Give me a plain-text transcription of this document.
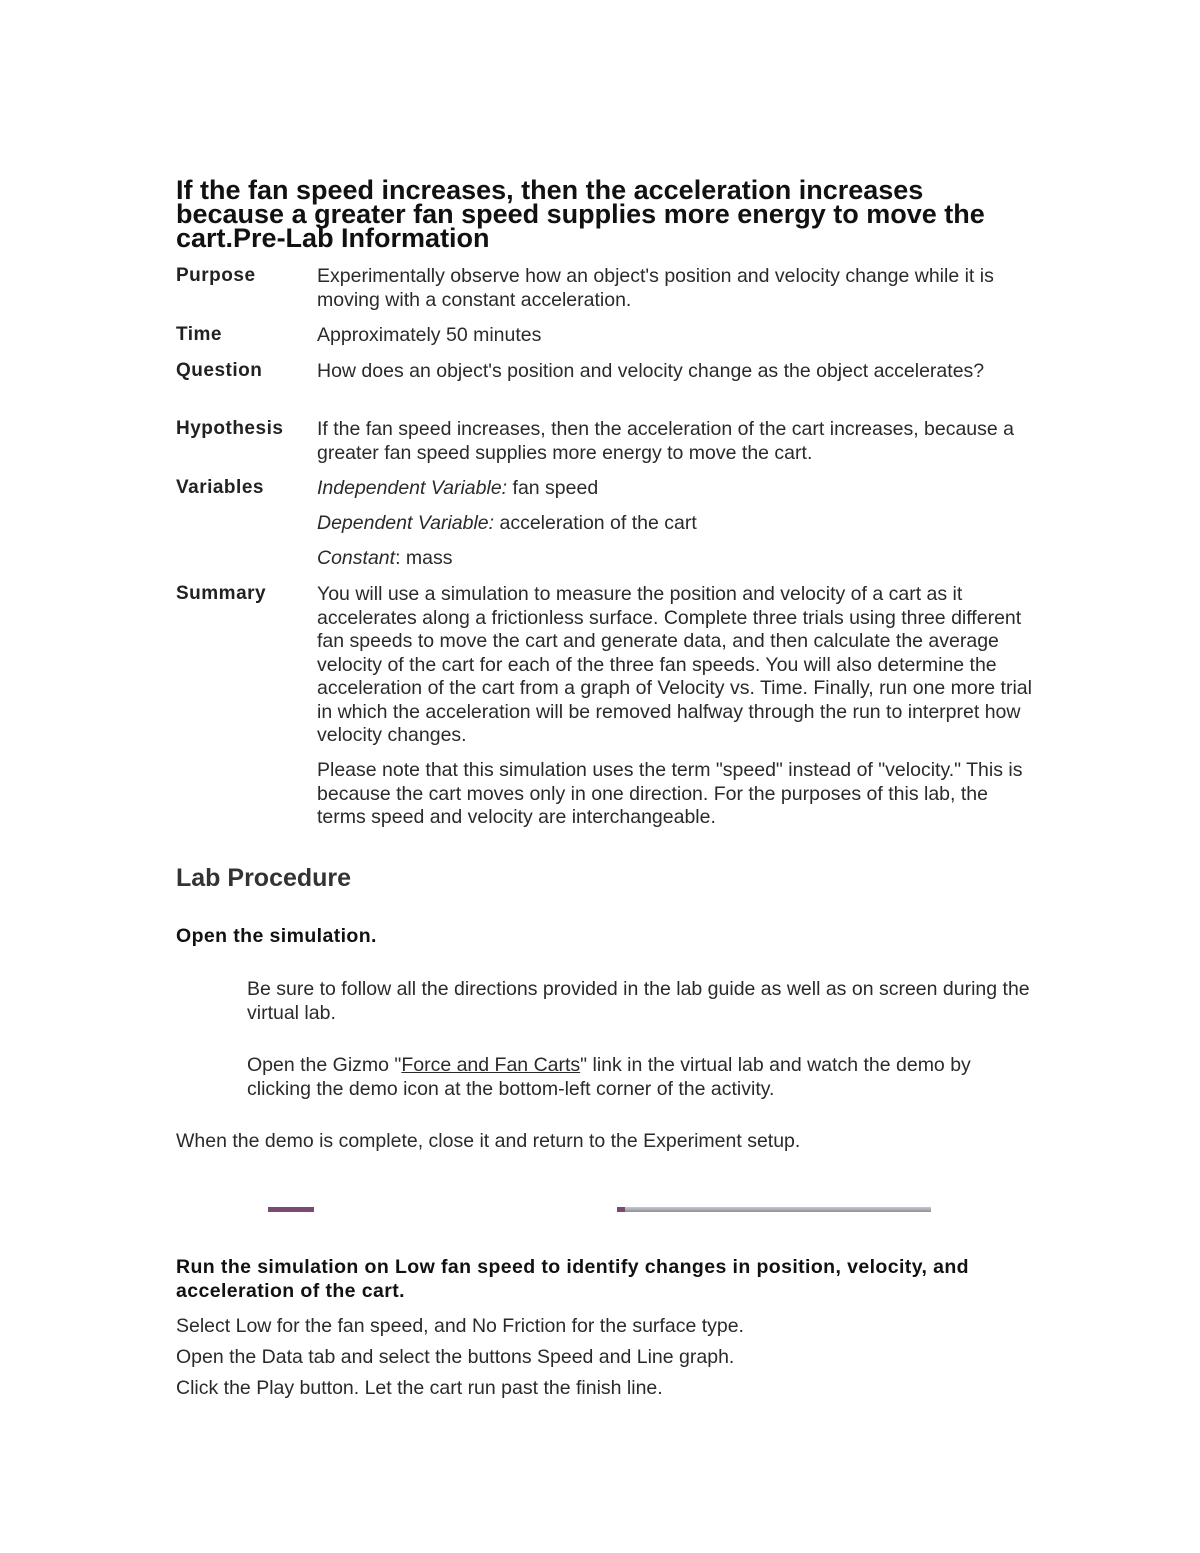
If the fan speed increases, then the acceleration increases because a greater fan speed supplies more energy to move the cart.Pre-Lab Information
Purpose	Experimentally observe how an object's position and velocity change while it is moving with a constant acceleration.

Time	Approximately 50 minutes

Question	How does an object's position and velocity change as the object accelerates?

Hypothesis If the fan speed increases, then the acceleration of the cart increases, because a greater fan speed supplies more energy to move the cart.

Variables	Independent Variable: fan speed

Dependent Variable: acceleration of the cart

Constant: mass

Summary	You will use a simulation to measure the position and velocity of a cart as it accelerates along a frictionless surface. Complete three trials using three different fan speeds to move the cart and generate data, and then calculate the average velocity of the cart for each of the three fan speeds. You will also determine the acceleration of the cart from a graph of Velocity vs. Time. Finally, run one more trial in which the acceleration will be removed halfway through the run to interpret how velocity changes.

Please note that this simulation uses the term "speed" instead of "velocity." This is because the cart moves only in one direction. For the purposes of this lab, the terms speed and velocity are interchangeable.

Lab Procedure

Open the simulation.

Be sure to follow all the directions provided in the lab guide as well as on screen during the virtual lab.

Open the Gizmo "Force and Fan Carts" link in the virtual lab and watch the demo by clicking the demo icon at the bottom-left corner of the activity.

When the demo is complete, close it and return to the Experiment setup.

Run the simulation on Low fan speed to identify changes in position, velocity, and acceleration of the cart.

Select Low for the fan speed, and No Friction for the surface type.

Open the Data tab and select the buttons Speed and Line graph.

Click the Play button. Let the cart run past the finish line.
